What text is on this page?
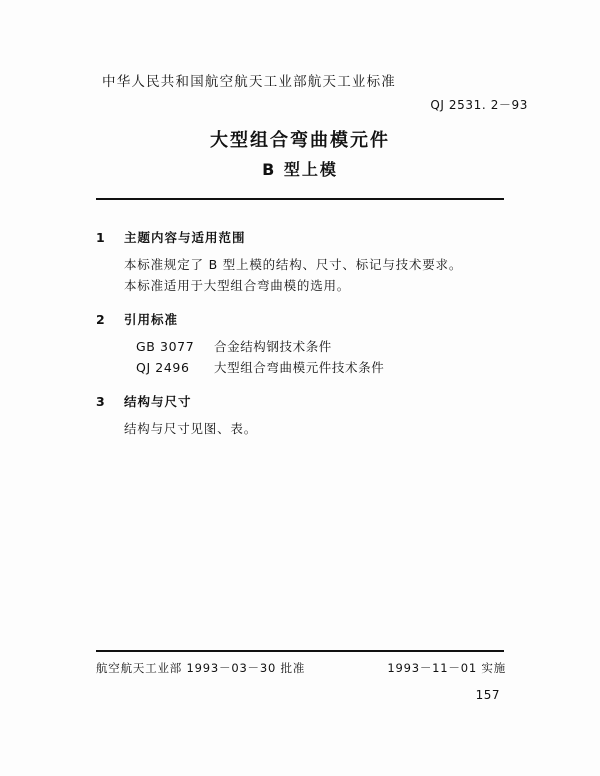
中华人民共和国航空航天工业部航天工业标准
QJ 2531. 2－93
大型组合弯曲模元件
B 型上模
1	主题内容与适用范围
本标准规定了 B 型上模的结构、尺寸、标记与技术要求。
本标准适用于大型组合弯曲模的选用。
2	引用标准
GB 3077	合金结构钢技术条件
QJ 2496	大型组合弯曲模元件技术条件
3	结构与尺寸
结构与尺寸见图、表。
航空航天工业部 1993－03－30 批准	1993－11－01 实施
157
